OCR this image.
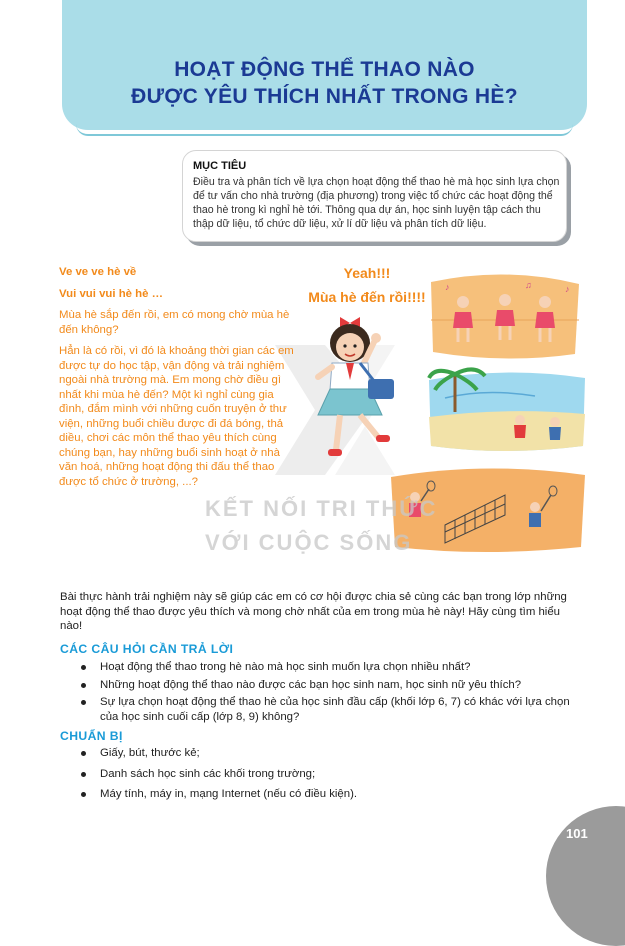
HOẠT ĐỘNG THỂ THAO NÀO
ĐƯỢC YÊU THÍCH NHẤT TRONG HÈ?
MỤC TIÊU
Điều tra và phân tích về lựa chọn hoạt động thể thao hè mà học sinh lựa chọn để tư vấn cho nhà trường (địa phương) trong việc tổ chức các hoạt động thể thao hè trong kì nghỉ hè tới. Thông qua dự án, học sinh luyện tập cách thu thập dữ liệu, tổ chức dữ liệu, xử lí dữ liệu và phân tích dữ liệu.

Ve ve ve hè về

Vui vui vui hè hè …

Mùa hè sắp đến rồi, em có mong chờ mùa hè đến không?

Hẳn là có rồi, vì đó là khoảng thời gian các em được tự do học tập, vận động và trải nghiệm ngoài nhà trường mà. Em mong chờ điều gì nhất khi mùa hè đến? Một kì nghỉ cùng gia đình, đắm mình với những cuốn truyện ở thư viện, những buổi chiều được đi đá bóng, thả diều, chơi các môn thể thao yêu thích cùng chúng bạn, hay những buổi sinh hoạt ở nhà văn hoá, những hoạt động thi đấu thể thao được tổ chức ở trường, ...?

Yeah!!!
Mùa hè đến rồi!!!!
♪	♫	♪
KẾT NỐI TRI THỨC
VỚI CUỘC SỐNG
Bài thực hành trải nghiệm này sẽ giúp các em có cơ hội được chia sẻ cùng các bạn trong lớp những hoạt động thể thao được yêu thích và mong chờ nhất của em trong mùa hè này! Hãy cùng tìm hiểu nào!
CÁC CÂU HỎI CẦN TRẢ LỜI
Hoạt động thể thao trong hè nào mà học sinh muốn lựa chọn nhiều nhất?
Những hoạt động thể thao nào được các bạn học sinh nam, học sinh nữ yêu thích?
Sự lựa chọn hoạt động thể thao hè của học sinh đầu cấp (khối lớp 6, 7) có khác với lựa chọn của học sinh cuối cấp (lớp 8, 9) không?
CHUẨN BỊ
Giấy, bút, thước kẻ;
Danh sách học sinh các khối trong trường;
Máy tính, máy in, mạng Internet (nếu có điều kiện).
101
